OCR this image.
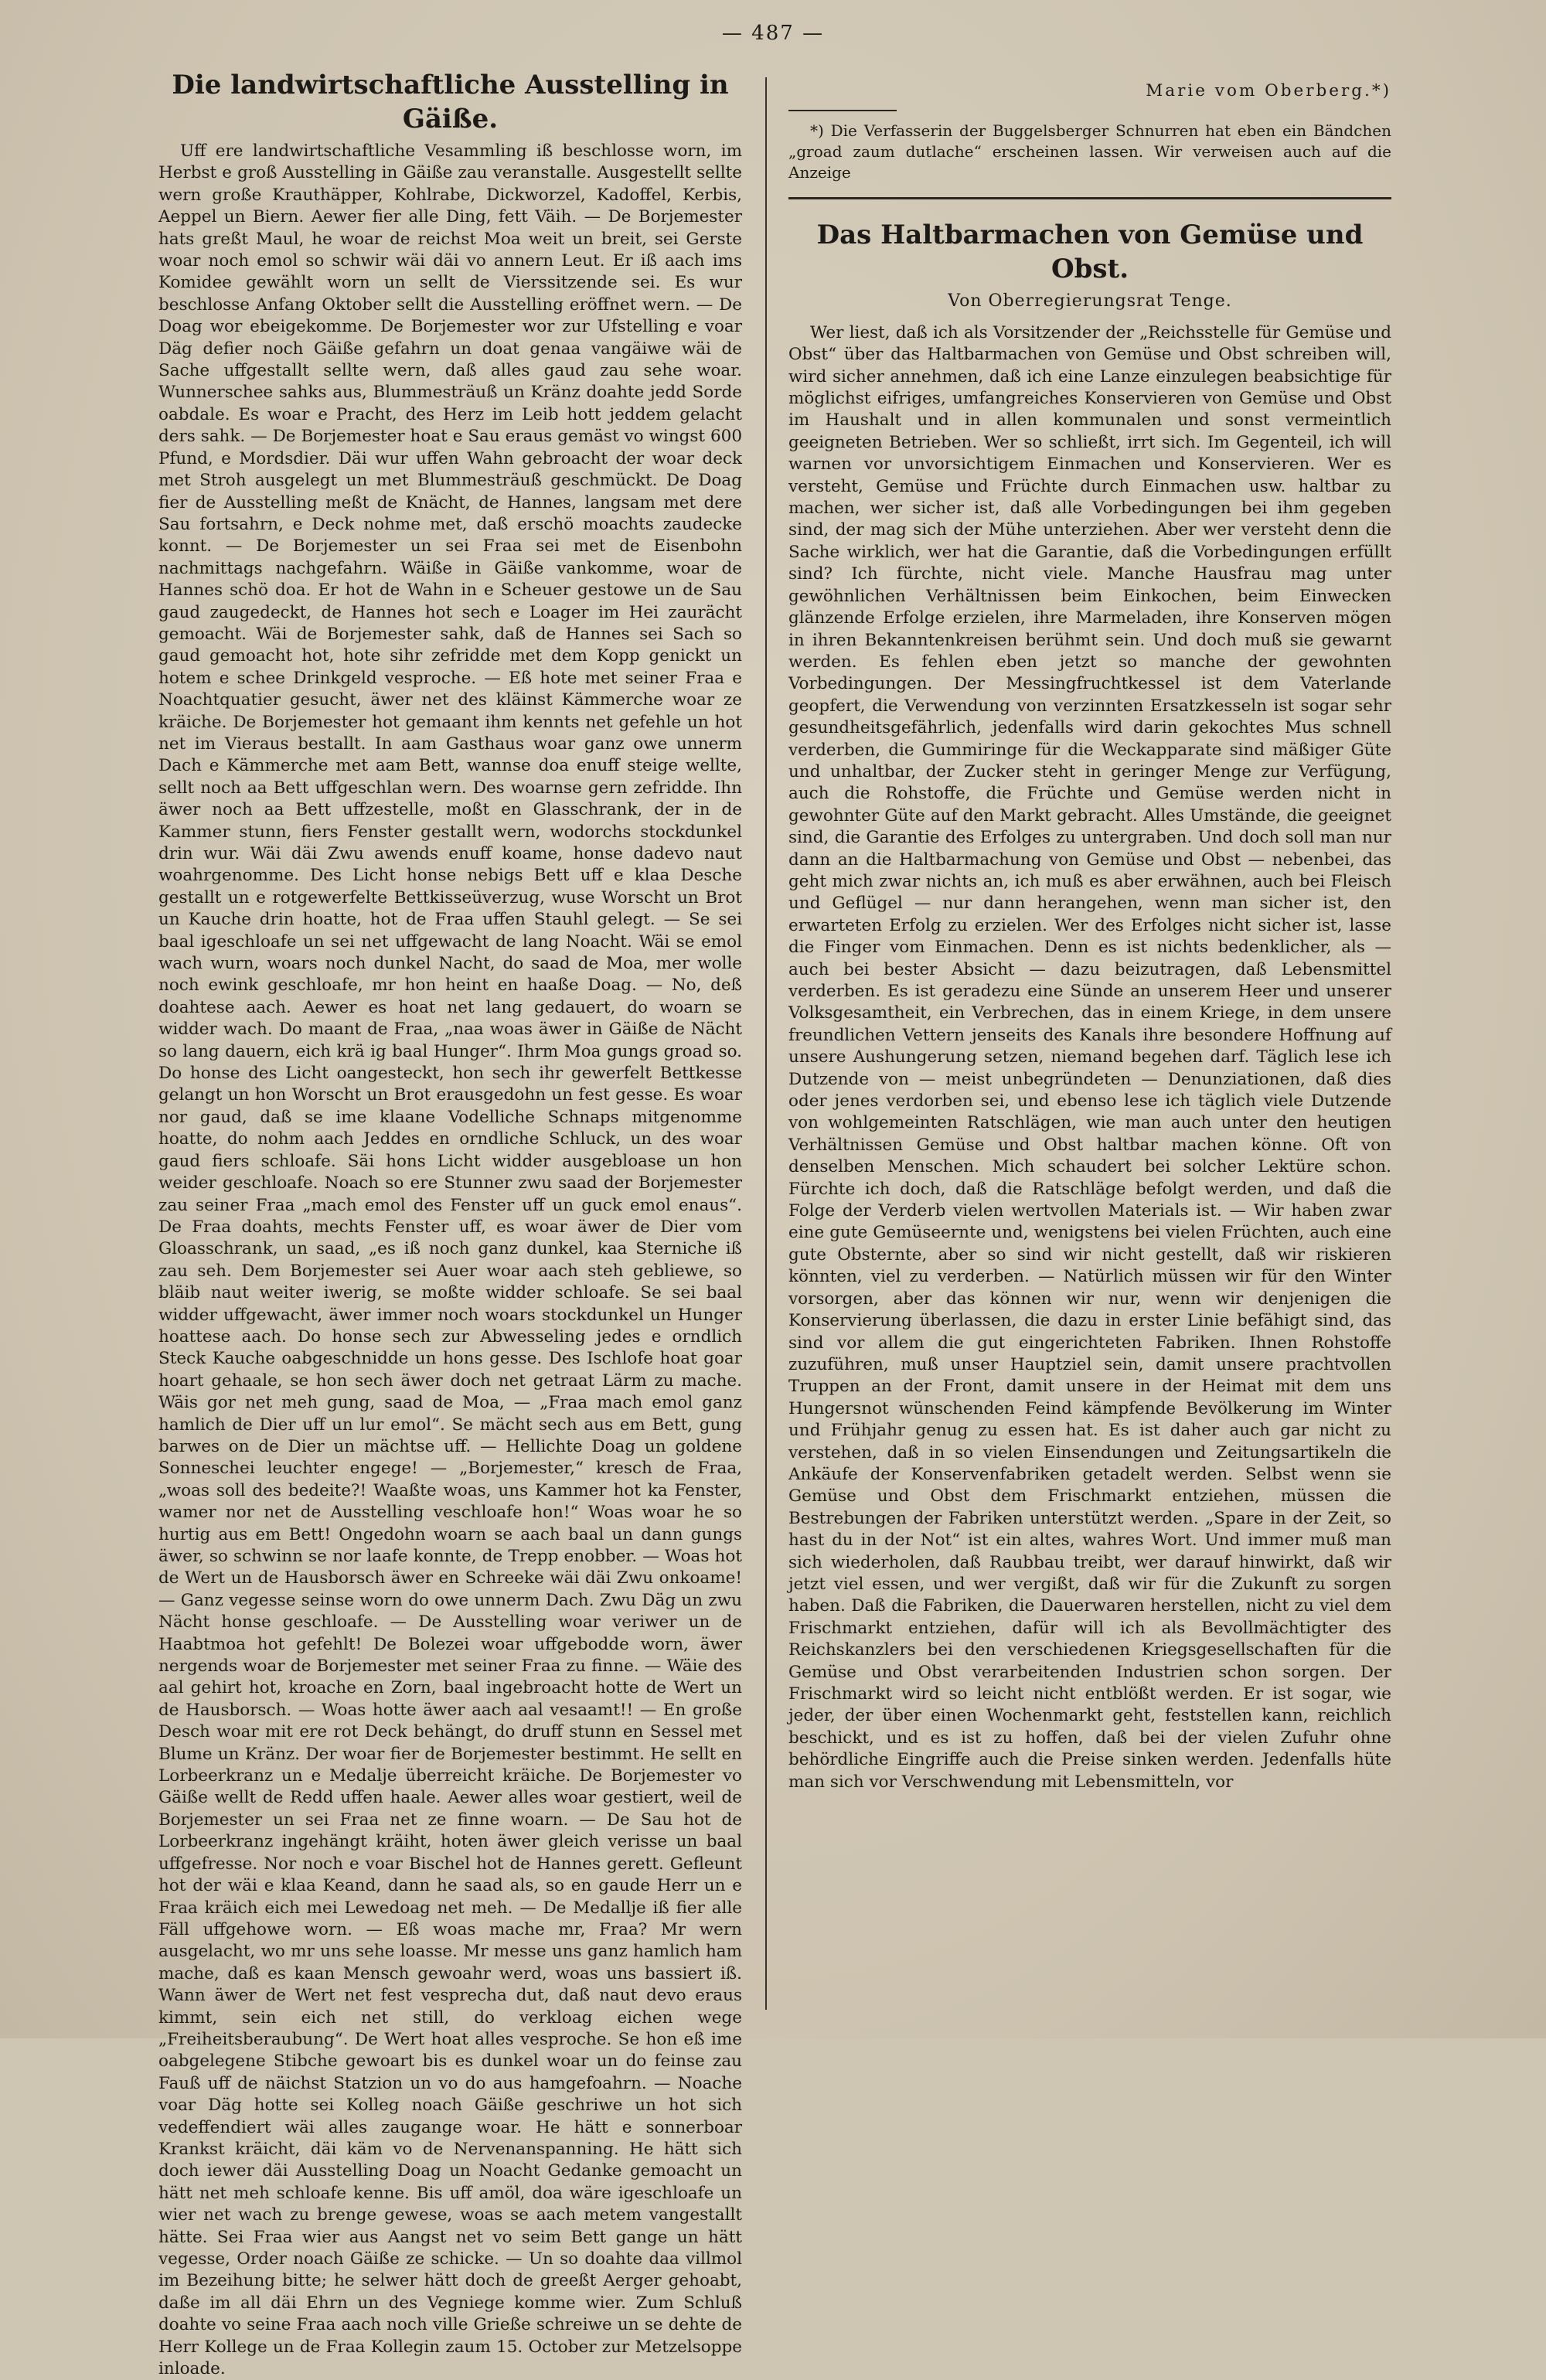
— 487 —
Die landwirtschaftliche Ausstelling in Gäiße.

Uff ere landwirtschaftliche Vesammling iß beschlosse worn, im Herbst e groß Ausstelling in Gäiße zau veranstalle. Ausgestellt sellte wern große Krauthäpper, Kohlrabe, Dickworzel, Kadoffel, Kerbis, Aeppel un Biern. Aewer fier alle Ding, fett Väih. — De Borjemester hats greßt Maul, he woar de reichst Moa weit un breit, sei Gerste woar noch emol so schwir wäi däi vo annern Leut. Er iß aach ims Komidee gewählt worn un sellt de Vierssitzende sei. Es wur beschlosse Anfang Oktober sellt die Ausstelling eröffnet wern. — De Doag wor ebeigekomme. De Borjemester wor zur Ufstelling e voar Däg defier noch Gäiße gefahrn un doat genaa vangäiwe wäi de Sache uffgestallt sellte wern, daß alles gaud zau sehe woar. Wunnerschee sahks aus, Blummesträuß un Kränz doahte jedd Sorde oabdale. Es woar e Pracht, des Herz im Leib hott jeddem gelacht ders sahk. — De Borjemester hoat e Sau eraus gemäst vo wingst 600 Pfund, e Mordsdier. Däi wur uffen Wahn gebroacht der woar deck met Stroh ausgelegt un met Blummesträuß geschmückt. De Doag fier de Ausstelling meßt de Knächt, de Hannes, langsam met dere Sau fortsahrn, e Deck nohme met, daß erschö moachts zaudecke konnt. — De Borjemester un sei Fraa sei met de Eisenbohn nachmittags nachgefahrn. Wäiße in Gäiße vankomme, woar de Hannes schö doa. Er hot de Wahn in e Scheuer gestowe un de Sau gaud zaugedeckt, de Hannes hot sech e Loager im Hei zaurächt gemoacht. Wäi de Borjemester sahk, daß de Hannes sei Sach so gaud gemoacht hot, hote sihr zefridde met dem Kopp genickt un hotem e schee Drinkgeld vesproche. — Eß hote met seiner Fraa e Noachtquatier gesucht, äwer net des kläinst Kämmerche woar ze kräiche. De Borjemester hot gemaant ihm kennts net gefehle un hot net im Vieraus bestallt. In aam Gasthaus woar ganz owe unnerm Dach e Kämmerche met aam Bett, wannse doa enuff steige wellte, sellt noch aa Bett uffgeschlan wern. Des woarnse gern zefridde. Ihn äwer noch aa Bett uffzestelle, moßt en Glasschrank, der in de Kammer stunn, fiers Fenster gestallt wern, wodorchs stockdunkel drin wur. Wäi däi Zwu awends enuff koame, honse dadevo naut woahrgenomme. Des Licht honse nebigs Bett uff e klaa Desche gestallt un e rotgewerfelte Bettkisseüverzug, wuse Worscht un Brot un Kauche drin hoatte, hot de Fraa uffen Stauhl gelegt. — Se sei baal igeschloafe un sei net uffgewacht de lang Noacht. Wäi se emol wach wurn, woars noch dunkel Nacht, do saad de Moa, mer wolle noch ewink geschloafe, mr hon heint en haaße Doag. — No, deß doahtese aach. Aewer es hoat net lang gedauert, do woarn se widder wach. Do maant de Fraa, „naa woas äwer in Gäiße de Nächt so lang dauern, eich krä ig baal Hunger“. Ihrm Moa gungs groad so. Do honse des Licht oangesteckt, hon sech ihr gewerfelt Bettkesse gelangt un hon Worscht un Brot erausgedohn un fest gesse. Es woar nor gaud, daß se ime klaane Vodelliche Schnaps mitgenomme hoatte, do nohm aach Jeddes en orndliche Schluck, un des woar gaud fiers schloafe. Säi hons Licht widder ausgebloase un hon weider geschloafe. Noach so ere Stunner zwu saad der Borjemester zau seiner Fraa „mach emol des Fenster uff un guck emol enaus“. De Fraa doahts, mechts Fenster uff, es woar äwer de Dier vom Gloasschrank, un saad, „es iß noch ganz dunkel, kaa Sterniche iß zau seh. Dem Borjemester sei Auer woar aach steh gebliewe, so bläib naut weiter iwerig, se moßte widder schloafe. Se sei baal widder uffgewacht, äwer immer noch woars stockdunkel un Hunger hoattese aach. Do honse sech zur Abwesseling jedes e orndlich Steck Kauche oabgeschnidde un hons gesse. Des Ischlofe hoat goar hoart gehaale, se hon sech äwer doch net getraat Lärm zu mache. Wäis gor net meh gung, saad de Moa, — „Fraa mach emol ganz hamlich de Dier uff un lur emol“. Se mächt sech aus em Bett, gung barwes on de Dier un mächtse uff. — Hellichte Doag un goldene Sonneschei leuchter engege! — „Borjemester,“ kresch de Fraa, „woas soll des bedeite?! Waaßte woas, uns Kammer hot ka Fenster, wamer nor net de Ausstelling veschloafe hon!“ Woas woar he so hurtig aus em Bett! Ongedohn woarn se aach baal un dann gungs äwer, so schwinn se nor laafe konnte, de Trepp enobber. — Woas hot de Wert un de Hausborsch äwer en Schreeke wäi däi Zwu onkoame! — Ganz vegesse seinse worn do owe unnerm Dach. Zwu Däg un zwu Nächt honse geschloafe. — De Ausstelling woar veriwer un de Haabtmoa hot gefehlt! De Bolezei woar uffgebodde worn, äwer nergends woar de Borjemester met seiner Fraa zu finne. — Wäie des aal gehirt hot, kroache en Zorn, baal ingebroacht hotte de Wert un de Hausborsch. — Woas hotte äwer aach aal vesaamt!! — En große Desch woar mit ere rot Deck behängt, do druff stunn en Sessel met Blume un Kränz. Der woar fier de Borjemester bestimmt. He sellt en Lorbeerkranz un e Medalje überreicht kräiche. De Borjemester vo Gäiße wellt de Redd uffen haale. Aewer alles woar gestiert, weil de Borjemester un sei Fraa net ze finne woarn. — De Sau hot de Lorbeerkranz ingehängt kräiht, hoten äwer gleich verisse un baal uffgefresse. Nor noch e voar Bischel hot de Hannes gerett. Gefleunt hot der wäi e klaa Keand, dann he saad als, so en gaude Herr un e Fraa kräich eich mei Lewedoag net meh. — De Medallje iß fier alle Fäll uffgehowe worn. — Eß woas mache mr, Fraa? Mr wern ausgelacht, wo mr uns sehe loasse. Mr messe uns ganz hamlich ham mache, daß es kaan Mensch gewoahr werd, woas uns bassiert iß. Wann äwer de Wert net fest vesprecha dut, daß naut devo eraus kimmt, sein eich net still, do verkloag eichen wege „Freiheitsberaubung“. De Wert hoat alles vesproche. Se hon eß ime oabgelegene Stibche gewoart bis es dunkel woar un do feinse zau Fauß uff de näichst Statzion un vo do aus hamgefoahrn. — Noache voar Däg hotte sei Kolleg noach Gäiße geschriwe un hot sich vedeffendiert wäi alles zaugange woar. He hätt e sonnerboar Krankst kräicht, däi käm vo de Nervenanspanning. He hätt sich doch iewer däi Ausstelling Doag un Noacht Gedanke gemoacht un hätt net meh schloafe kenne. Bis uff amöl, doa wäre igeschloafe un wier net wach zu brenge gewese, woas se aach metem vangestallt hätte. Sei Fraa wier aus Aangst net vo seim Bett gange un hätt vegesse, Order noach Gäiße ze schicke. — Un so doahte daa villmol im Bezeihung bitte; he selwer hätt doch de greeßt Aerger gehoabt, daße im all däi Ehrn un des Vegniege komme wier. Zum Schluß doahte vo seine Fraa aach noch ville Grieße schreiwe un se dehte de Herr Kollege un de Fraa Kollegin zaum 15. October zur Metzelsoppe inloade.

Marie vom Oberberg.*)

*) Die Verfasserin der Buggelsberger Schnurren hat eben ein Bändchen „groad zaum dutlache“ erscheinen lassen. Wir verweisen auch auf die Anzeige

Das Haltbarmachen von Gemüse und Obst.
Von Oberregierungsrat Tenge.

Wer liest, daß ich als Vorsitzender der „Reichsstelle für Gemüse und Obst“ über das Haltbarmachen von Gemüse und Obst schreiben will, wird sicher annehmen, daß ich eine Lanze einzulegen beabsichtige für möglichst eifriges, umfangreiches Konservieren von Gemüse und Obst im Haushalt und in allen kommunalen und sonst vermeintlich geeigneten Betrieben. Wer so schließt, irrt sich. Im Gegenteil, ich will warnen vor unvorsichtigem Einmachen und Konservieren. Wer es versteht, Gemüse und Früchte durch Einmachen usw. haltbar zu machen, wer sicher ist, daß alle Vorbedingungen bei ihm gegeben sind, der mag sich der Mühe unterziehen. Aber wer versteht denn die Sache wirklich, wer hat die Garantie, daß die Vorbedingungen erfüllt sind? Ich fürchte, nicht viele. Manche Hausfrau mag unter gewöhnlichen Verhältnissen beim Einkochen, beim Einwecken glänzende Erfolge erzielen, ihre Marmeladen, ihre Konserven mögen in ihren Bekanntenkreisen berühmt sein. Und doch muß sie gewarnt werden. Es fehlen eben jetzt so manche der gewohnten Vorbedingungen. Der Messingfruchtkessel ist dem Vaterlande geopfert, die Verwendung von verzinnten Ersatzkesseln ist sogar sehr gesundheitsgefährlich, jedenfalls wird darin gekochtes Mus schnell verderben, die Gummiringe für die Weckapparate sind mäßiger Güte und unhaltbar, der Zucker steht in geringer Menge zur Verfügung, auch die Rohstoffe, die Früchte und Gemüse werden nicht in gewohnter Güte auf den Markt gebracht. Alles Umstände, die geeignet sind, die Garantie des Erfolges zu untergraben. Und doch soll man nur dann an die Haltbarmachung von Gemüse und Obst — nebenbei, das geht mich zwar nichts an, ich muß es aber erwähnen, auch bei Fleisch und Geflügel — nur dann herangehen, wenn man sicher ist, den erwarteten Erfolg zu erzielen. Wer des Erfolges nicht sicher ist, lasse die Finger vom Einmachen. Denn es ist nichts bedenklicher, als — auch bei bester Absicht — dazu beizutragen, daß Lebensmittel verderben. Es ist geradezu eine Sünde an unserem Heer und unserer Volksgesamtheit, ein Verbrechen, das in einem Kriege, in dem unsere freundlichen Vettern jenseits des Kanals ihre besondere Hoffnung auf unsere Aushungerung setzen, niemand begehen darf. Täglich lese ich Dutzende von — meist unbegründeten — Denunziationen, daß dies oder jenes verdorben sei, und ebenso lese ich täglich viele Dutzende von wohlgemeinten Ratschlägen, wie man auch unter den heutigen Verhältnissen Gemüse und Obst haltbar machen könne. Oft von denselben Menschen. Mich schaudert bei solcher Lektüre schon. Fürchte ich doch, daß die Ratschläge befolgt werden, und daß die Folge der Verderb vielen wertvollen Materials ist. — Wir haben zwar eine gute Gemüseernte und, wenigstens bei vielen Früchten, auch eine gute Obsternte, aber so sind wir nicht gestellt, daß wir riskieren könnten, viel zu verderben. — Natürlich müssen wir für den Winter vorsorgen, aber das können wir nur, wenn wir denjenigen die Konservierung überlassen, die dazu in erster Linie befähigt sind, das sind vor allem die gut eingerichteten Fabriken. Ihnen Rohstoffe zuzuführen, muß unser Hauptziel sein, damit unsere prachtvollen Truppen an der Front, damit unsere in der Heimat mit dem uns Hungersnot wünschenden Feind kämpfende Bevölkerung im Winter und Frühjahr genug zu essen hat. Es ist daher auch gar nicht zu verstehen, daß in so vielen Einsendungen und Zeitungsartikeln die Ankäufe der Konservenfabriken getadelt werden. Selbst wenn sie Gemüse und Obst dem Frischmarkt entziehen, müssen die Bestrebungen der Fabriken unterstützt werden. „Spare in der Zeit, so hast du in der Not“ ist ein altes, wahres Wort. Und immer muß man sich wiederholen, daß Raubbau treibt, wer darauf hinwirkt, daß wir jetzt viel essen, und wer vergißt, daß wir für die Zukunft zu sorgen haben. Daß die Fabriken, die Dauerwaren herstellen, nicht zu viel dem Frischmarkt entziehen, dafür will ich als Bevollmächtigter des Reichskanzlers bei den verschiedenen Kriegsgesellschaften für die Gemüse und Obst verarbeitenden Industrien schon sorgen. Der Frischmarkt wird so leicht nicht entblößt werden. Er ist sogar, wie jeder, der über einen Wochenmarkt geht, feststellen kann, reichlich beschickt, und es ist zu hoffen, daß bei der vielen Zufuhr ohne behördliche Eingriffe auch die Preise sinken werden. Jedenfalls hüte man sich vor Verschwendung mit Lebensmitteln, vor
